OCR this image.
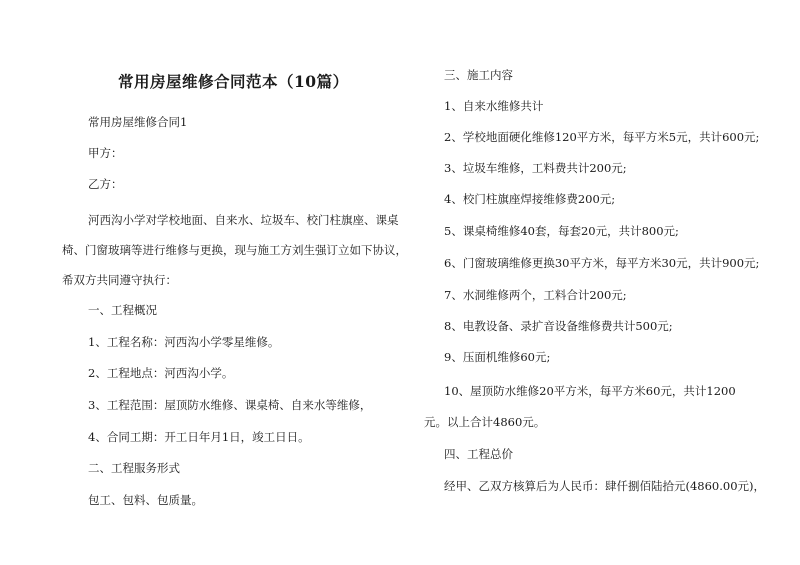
常用房屋维修合同范本（10篇）
常用房屋维修合同1
甲方：
乙方：
河西沟小学对学校地面、自来水、垃圾车、校门柱旗座、课桌椅、门窗玻璃等进行维修与更换，现与施工方刘生强订立如下协议，希双方共同遵守执行：
一、工程概况
1、工程名称：河西沟小学零星维修。
2、工程地点：河西沟小学。
3、工程范围：屋顶防水维修、课桌椅、自来水等维修，
4、合同工期：开工日年月1日，竣工日日。
二、工程服务形式
包工、包料、包质量。
三、施工内容
1、自来水维修共计
2、学校地面硬化维修120平方米，每平方米5元，共计600元;
3、垃圾车维修，工料费共计200元;
4、校门柱旗座焊接维修费200元;
5、课桌椅维修40套，每套20元，共计800元;
6、门窗玻璃维修更换30平方米，每平方米30元，共计900元;
7、水洞维修两个，工料合计200元;
8、电教设备、录扩音设备维修费共计500元;
9、压面机维修60元;
10、屋顶防水维修20平方米，每平方米60元，共计1200元。以上合计4860元。
四、工程总价
经甲、乙双方核算后为人民币：肆仟捌佰陆拾元(4860.00元)，
